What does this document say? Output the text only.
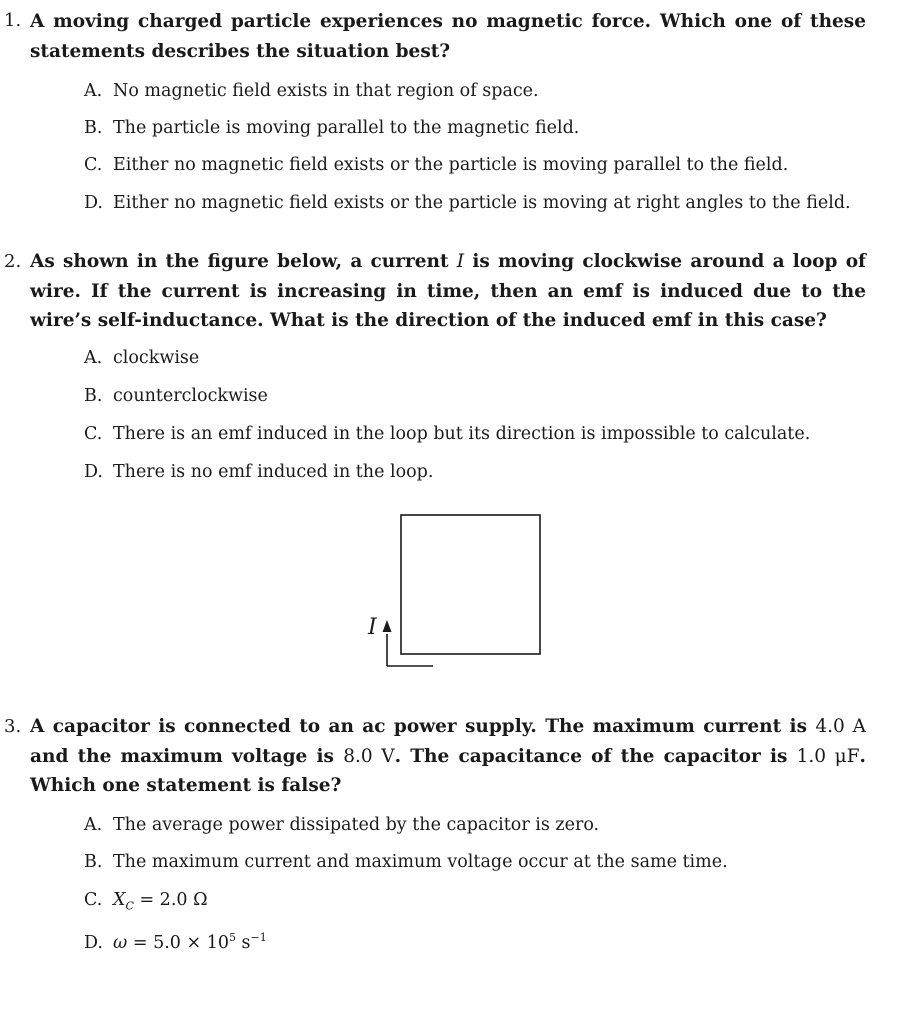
1. A moving charged particle experiences no magnetic force. Which one of these statements describes the situation best?
A. No magnetic field exists in that region of space.
B. The particle is moving parallel to the magnetic field.
C. Either no magnetic field exists or the particle is moving parallel to the field.
D. Either no magnetic field exists or the particle is moving at right angles to the field.
2. As shown in the figure below, a current I is moving clockwise around a loop of wire. If the current is increasing in time, then an emf is induced due to the wire’s self-inductance. What is the direction of the induced emf in this case?
A. clockwise
B. counterclockwise
C. There is an emf induced in the loop but its direction is impossible to calculate.
D. There is no emf induced in the loop.
I
3. A capacitor is connected to an ac power supply. The maximum current is 4.0 A and the maximum voltage is 8.0 V. The capacitance of the capacitor is 1.0 μF. Which one statement is false?
A. The average power dissipated by the capacitor is zero.
B. The maximum current and maximum voltage occur at the same time.
C. $X_C = 2.0$ Ω
D. $\omega = 5.0 \times 10^5$ $s^{-1}$
